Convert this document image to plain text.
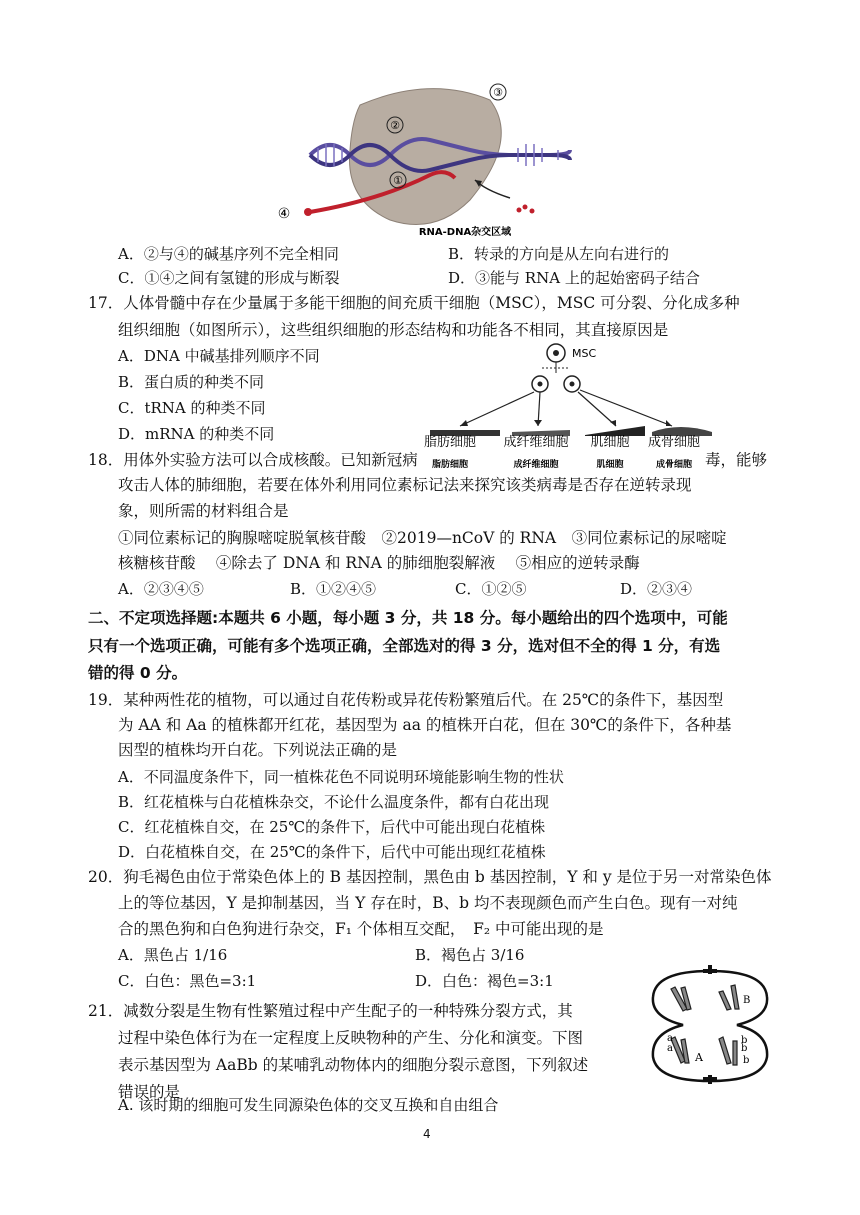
③
②
①
④
RNA-DNA杂交区域
A．②与④的碱基序列不完全相同	B．转录的方向是从左向右进行的
C．①④之间有氢键的形成与断裂	D．③能与 RNA 上的起始密码子结合
17．人体骨髓中存在少量属于多能干细胞的间充质干细胞（MSC），MSC 可分裂、分化成多种
组织细胞（如图所示），这些组织细胞的形态结构和功能各不相同，其直接原因是
A．DNA 中碱基排列顺序不同
B．蛋白质的种类不同
C．tRNA 的种类不同
D．mRNA 的种类不同
MSC
脂肪细胞 成纤维细胞 肌细胞 成骨细胞
脂肪细胞	成纤维细胞	肌细胞	成骨细胞
18．用体外实验方法可以合成核酸。已知新冠病	毒，能够
攻击人体的肺细胞，若要在体外利用同位素标记法来探究该类病毒是否存在逆转录现
象，则所需的材料组合是
①同位素标记的胸腺嘧啶脱氧核苷酸　②2019—nCoV 的 RNA　③同位素标记的尿嘧啶
核糖核苷酸　 ④除去了 DNA 和 RNA 的肺细胞裂解液　 ⑤相应的逆转录酶
A．②③④⑤	B．①②④⑤	C．①②⑤	D．②③④
二、不定项选择题:本题共 6 小题，每小题 3 分，共 18 分。每小题给出的四个选项中，可能
只有一个选项正确，可能有多个选项正确，全部选对的得 3 分，选对但不全的得 1 分，有选
错的得 0 分。
19．某种两性花的植物，可以通过自花传粉或异花传粉繁殖后代。在 25℃的条件下，基因型
为 AA 和 Aa 的植株都开红花，基因型为 aa 的植株开白花，但在 30℃的条件下，各种基
因型的植株均开白花。下列说法正确的是
A．不同温度条件下，同一植株花色不同说明环境能影响生物的性状
B．红花植株与白花植株杂交，不论什么温度条件，都有白花出现
C．红花植株自交，在 25℃的条件下，后代中可能出现白花植株
D．白花植株自交，在 25℃的条件下，后代中可能出现红花植株
20．狗毛褐色由位于常染色体上的 B 基因控制，黑色由 b 基因控制，Y 和 y 是位于另一对常染色体
上的等位基因，Y 是抑制基因，当 Y 存在时，B、b 均不表现颜色而产生白色。现有一对纯
合的黑色狗和白色狗进行杂交，F₁ 个体相互交配，　F₂ 中可能出现的是
A．黑色占 1/16	B．褐色占 3/16
C．白色：黑色=3:1	D．白色：褐色=3:1
21．减数分裂是生物有性繁殖过程中产生配子的一种特殊分裂方式，其
过程中染色体行为在一定程度上反映物种的产生、分化和演变。下图
表示基因型为 AaBb 的某哺乳动物体内的细胞分裂示意图，下列叙述
错误的是
A. 该时期的细胞可发生同源染色体的交叉互换和自由组合
a
B
a
A
b
b
b
4
